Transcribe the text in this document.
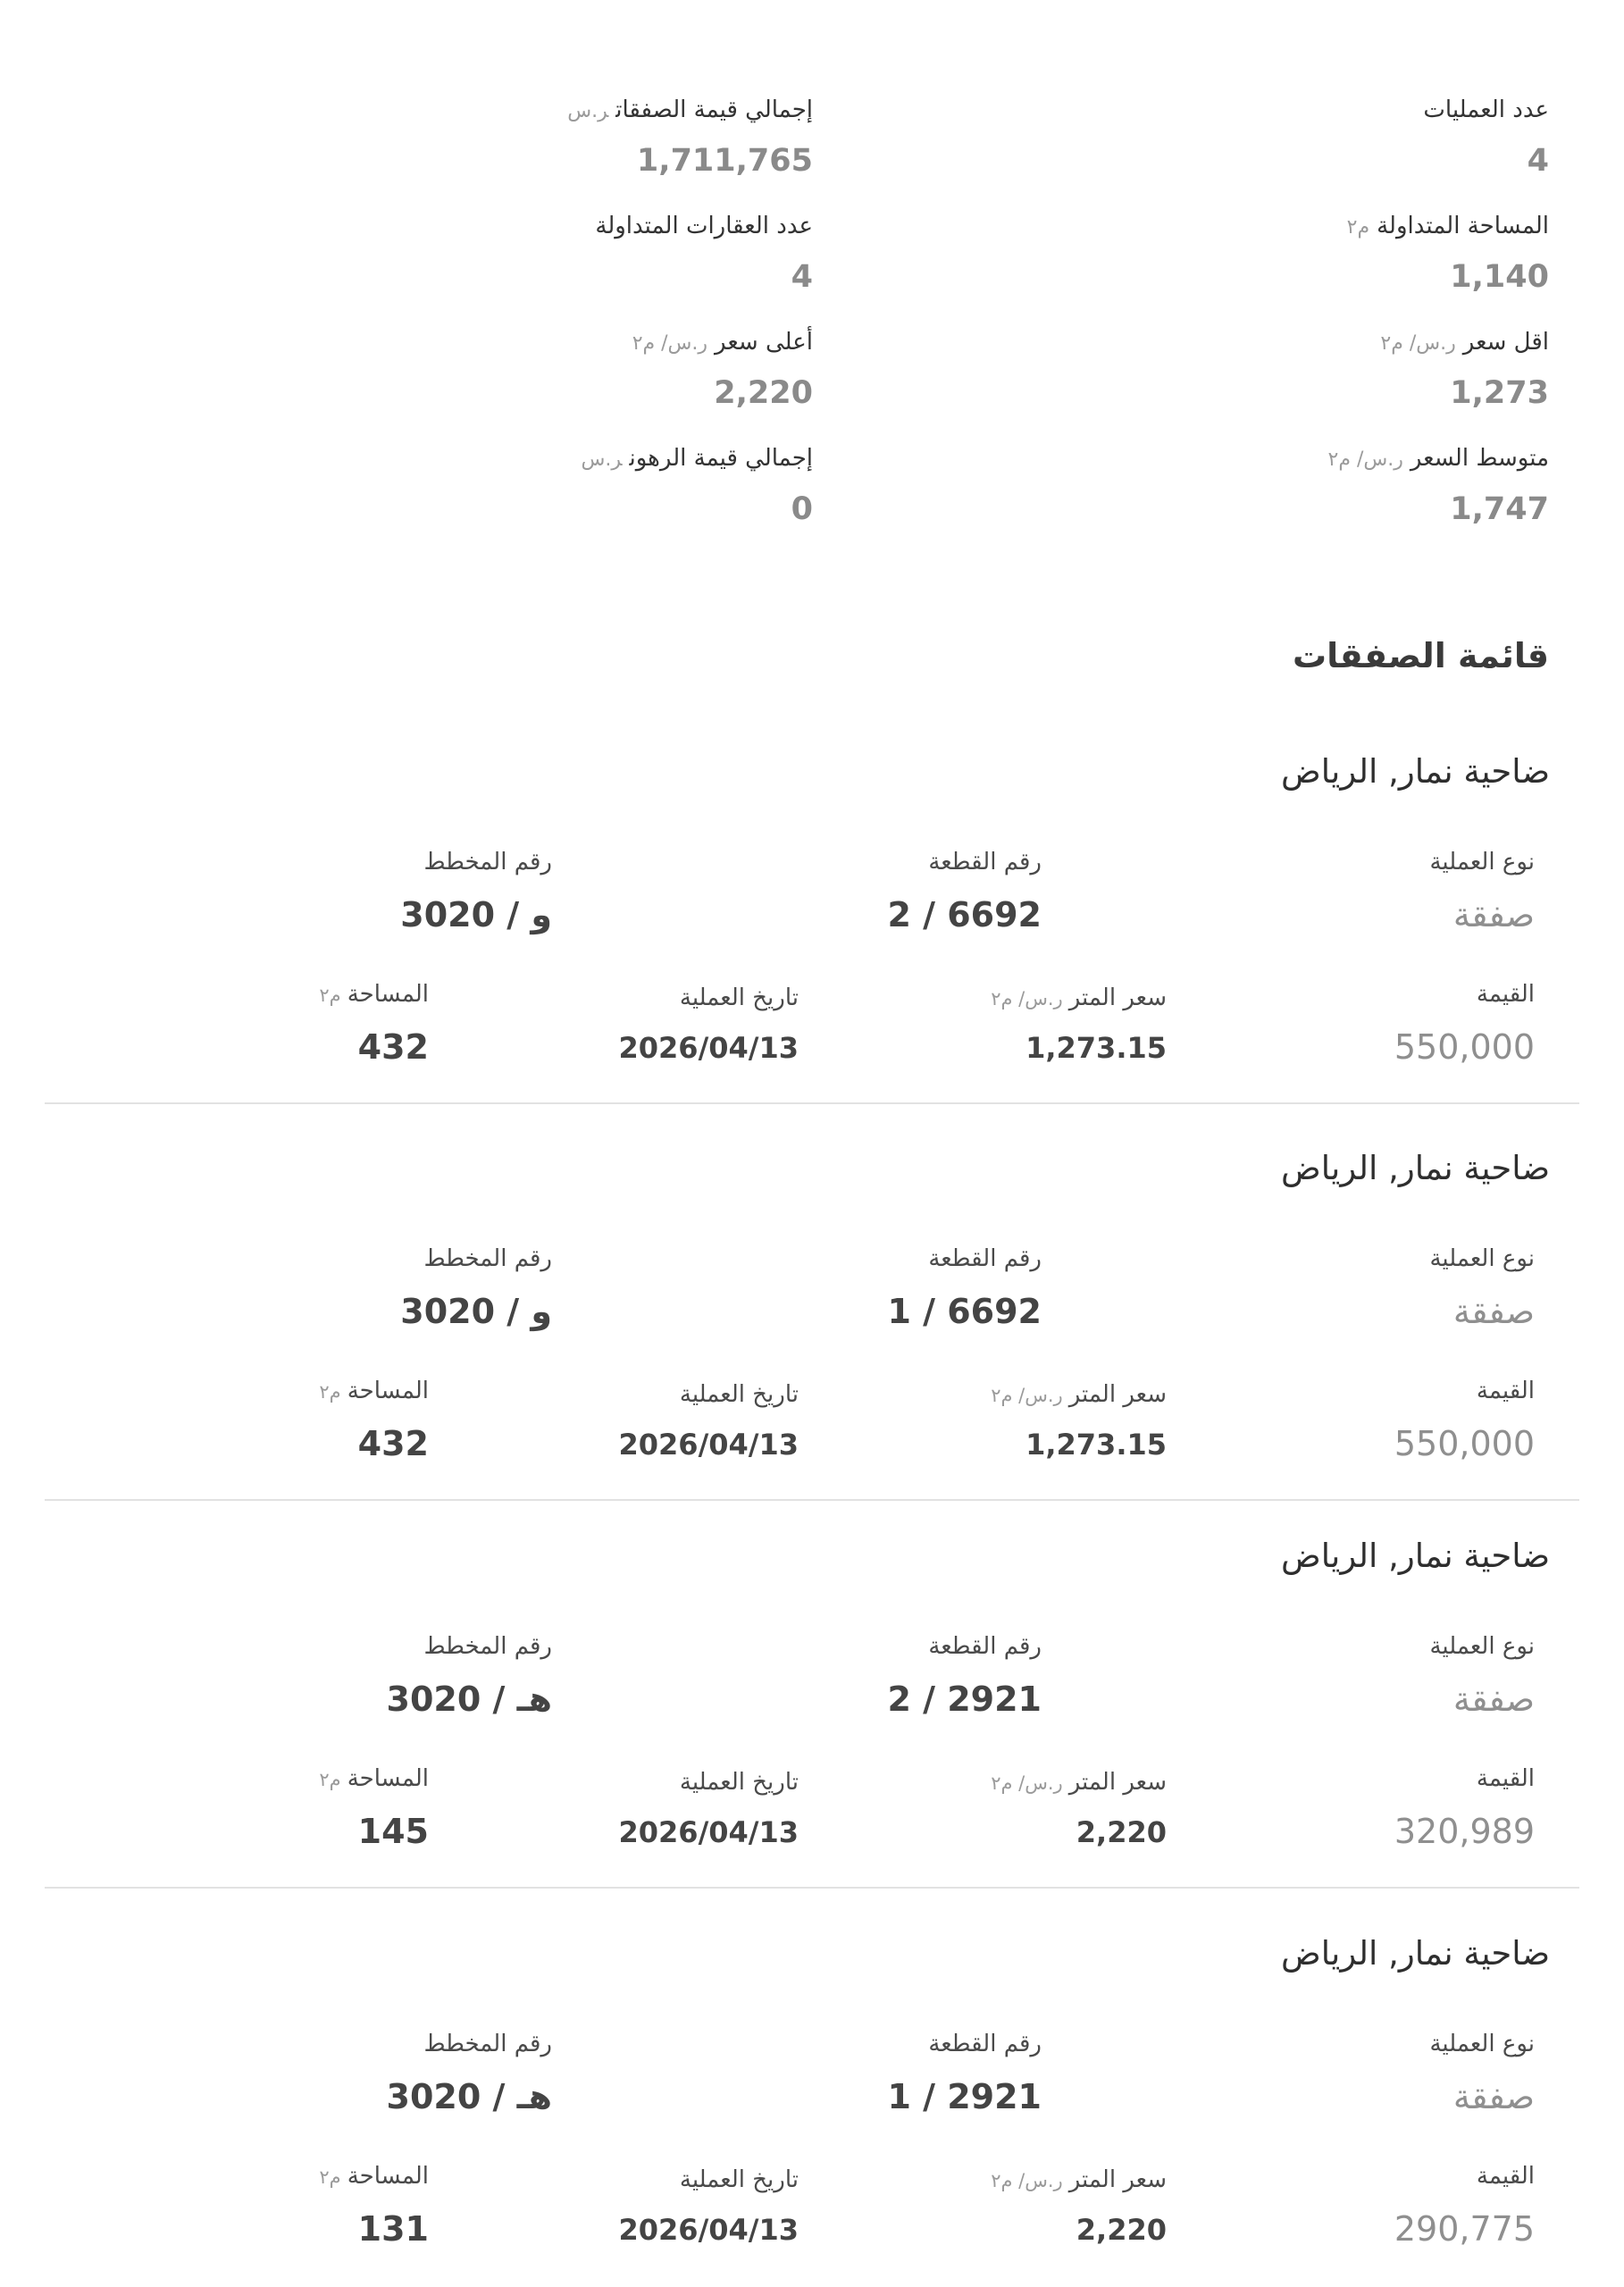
عدد العمليات
4
إجمالي قيمة الصفقاتر.س
1,711,765
المساحة المتداولةم٢
1,140
عدد العقارات المتداولة
4
اقل سعرر.س/ م٢
1,273
أعلى سعرر.س/ م٢
2,220
متوسط السعرر.س/ م٢
1,747
إجمالي قيمة الرهونر.س
0
قائمة الصفقات
ضاحية نمار, الرياض
نوع العملية
رقم القطعة
رقم المخطط
صفقة
2 / 6692
3020 / و
القيمة
سعر المترر.س/ م٢
تاريخ العملية
المساحةم٢
550,000
1,273.15
2026/04/13
432
ضاحية نمار, الرياض
نوع العملية
رقم القطعة
رقم المخطط
صفقة
1 / 6692
3020 / و
القيمة
سعر المترر.س/ م٢
تاريخ العملية
المساحةم٢
550,000
1,273.15
2026/04/13
432
ضاحية نمار, الرياض
نوع العملية
رقم القطعة
رقم المخطط
صفقة
2 / 2921
3020 / هـ
القيمة
سعر المترر.س/ م٢
تاريخ العملية
المساحةم٢
320,989
2,220
2026/04/13
145
ضاحية نمار, الرياض
نوع العملية
رقم القطعة
رقم المخطط
صفقة
1 / 2921
3020 / هـ
القيمة
سعر المترر.س/ م٢
تاريخ العملية
المساحةم٢
290,775
2,220
2026/04/13
131
